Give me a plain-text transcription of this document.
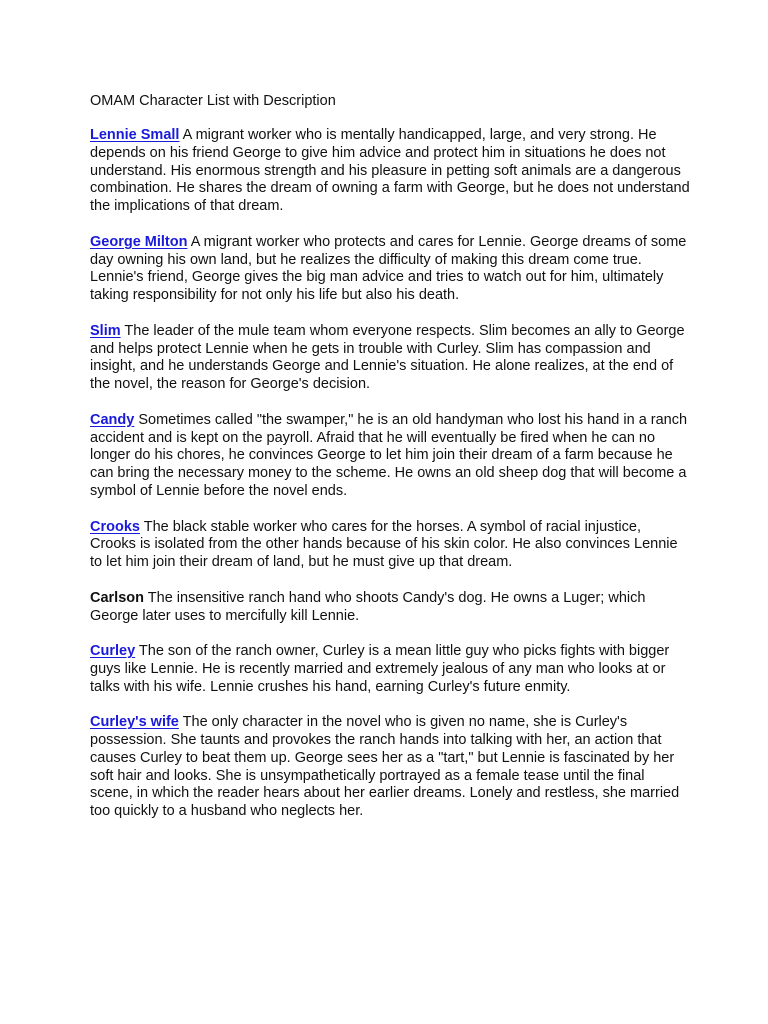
OMAM Character List with Description

Lennie Small A migrant worker who is mentally handicapped, large, and very strong. He depends on his friend George to give him advice and protect him in situations he does not understand. His enormous strength and his pleasure in petting soft animals are a dangerous combination. He shares the dream of owning a farm with George, but he does not understand the implications of that dream.

George Milton A migrant worker who protects and cares for Lennie. George dreams of some day owning his own land, but he realizes the difficulty of making this dream come true. Lennie's friend, George gives the big man advice and tries to watch out for him, ultimately taking responsibility for not only his life but also his death.

Slim The leader of the mule team whom everyone respects. Slim becomes an ally to George and helps protect Lennie when he gets in trouble with Curley. Slim has compassion and insight, and he understands George and Lennie's situation. He alone realizes, at the end of the novel, the reason for George's decision.

Candy Sometimes called "the swamper," he is an old handyman who lost his hand in a ranch accident and is kept on the payroll. Afraid that he will eventually be fired when he can no longer do his chores, he convinces George to let him join their dream of a farm because he can bring the necessary money to the scheme. He owns an old sheep dog that will become a symbol of Lennie before the novel ends.

Crooks The black stable worker who cares for the horses. A symbol of racial injustice, Crooks is isolated from the other hands because of his skin color. He also convinces Lennie to let him join their dream of land, but he must give up that dream.

Carlson The insensitive ranch hand who shoots Candy's dog. He owns a Luger; which George later uses to mercifully kill Lennie.

Curley The son of the ranch owner, Curley is a mean little guy who picks fights with bigger guys like Lennie. He is recently married and extremely jealous of any man who looks at or talks with his wife. Lennie crushes his hand, earning Curley's future enmity.

Curley's wife The only character in the novel who is given no name, she is Curley's possession. She taunts and provokes the ranch hands into talking with her, an action that causes Curley to beat them up. George sees her as a "tart," but Lennie is fascinated by her soft hair and looks. She is unsympathetically portrayed as a female tease until the final scene, in which the reader hears about her earlier dreams. Lonely and restless, she married too quickly to a husband who neglects her.
